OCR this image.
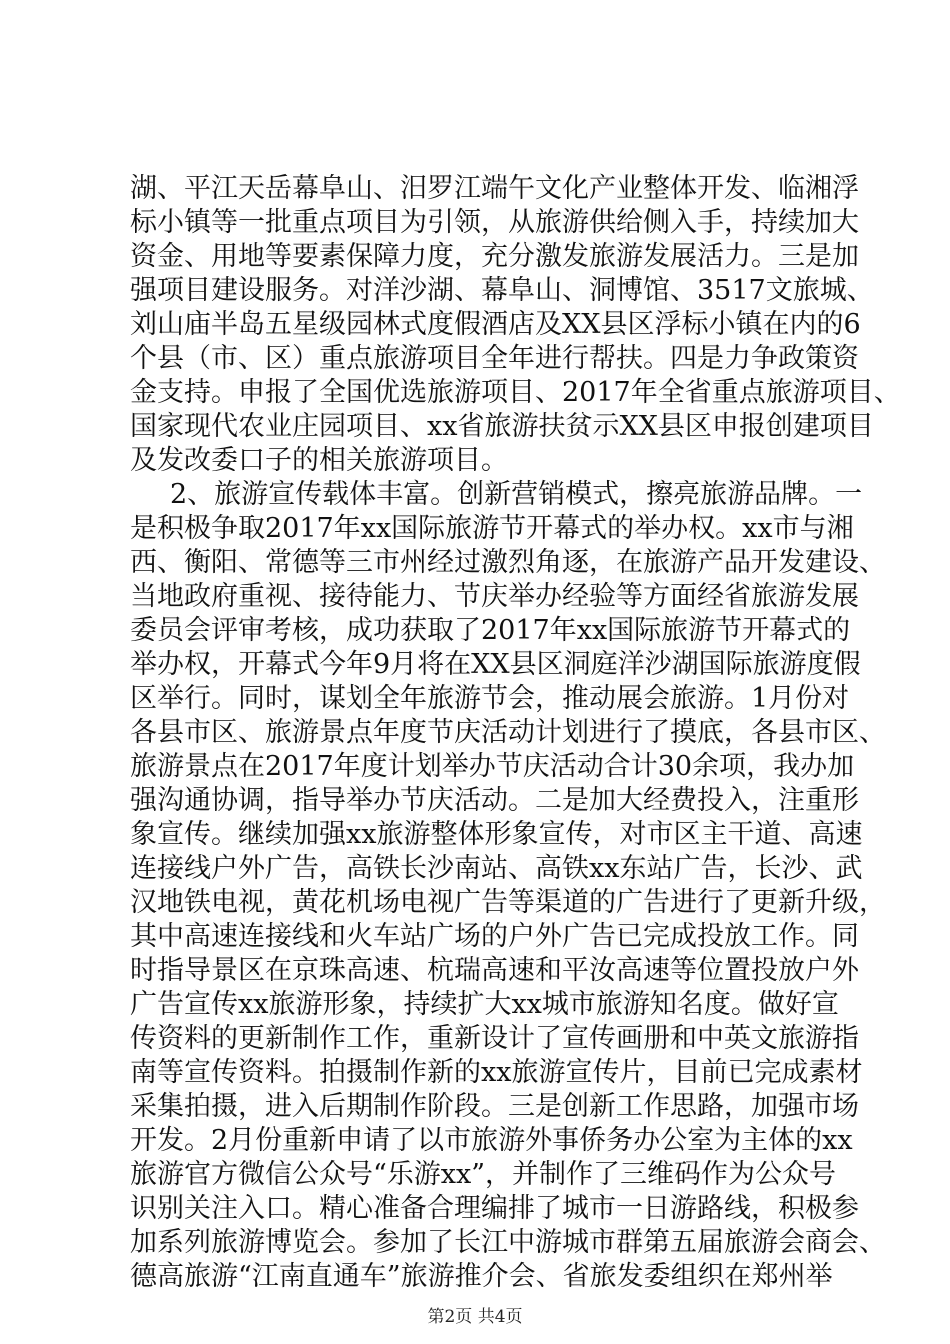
湖、平江天岳幕阜山、汨罗江端午文化产业整体开发、临湘浮
标小镇等一批重点项目为引领，从旅游供给侧入手，持续加大
资金、用地等要素保障力度，充分激发旅游发展活力。三是加
强项目建设服务。对洋沙湖、幕阜山、洞博馆、3517文旅城、
刘山庙半岛五星级园林式度假酒店及XX县区浮标小镇在内的6
个县（市、区）重点旅游项目全年进行帮扶。四是力争政策资
金支持。申报了全国优选旅游项目、2017年全省重点旅游项目、
国家现代农业庄园项目、xx省旅游扶贫示XX县区申报创建项目
及发改委口子的相关旅游项目。
2、旅游宣传载体丰富。创新营销模式，擦亮旅游品牌。一
是积极争取2017年xx国际旅游节开幕式的举办权。xx市与湘
西、衡阳、常德等三市州经过激烈角逐，在旅游产品开发建设、
当地政府重视、接待能力、节庆举办经验等方面经省旅游发展
委员会评审考核，成功获取了2017年xx国际旅游节开幕式的
举办权，开幕式今年9月将在XX县区洞庭洋沙湖国际旅游度假
区举行。同时，谋划全年旅游节会，推动展会旅游。1月份对
各县市区、旅游景点年度节庆活动计划进行了摸底，各县市区、
旅游景点在2017年度计划举办节庆活动合计30余项，我办加
强沟通协调，指导举办节庆活动。二是加大经费投入，注重形
象宣传。继续加强xx旅游整体形象宣传，对市区主干道、高速
连接线户外广告，高铁长沙南站、高铁xx东站广告，长沙、武
汉地铁电视，黄花机场电视广告等渠道的广告进行了更新升级，
其中高速连接线和火车站广场的户外广告已完成投放工作。同
时指导景区在京珠高速、杭瑞高速和平汝高速等位置投放户外
广告宣传xx旅游形象，持续扩大xx城市旅游知名度。做好宣
传资料的更新制作工作，重新设计了宣传画册和中英文旅游指
南等宣传资料。拍摄制作新的xx旅游宣传片，目前已完成素材
采集拍摄，进入后期制作阶段。三是创新工作思路，加强市场
开发。2月份重新申请了以市旅游外事侨务办公室为主体的xx
旅游官方微信公众号“乐游xx”，并制作了三维码作为公众号
识别关注入口。精心准备合理编排了城市一日游路线，积极参
加系列旅游博览会。参加了长江中游城市群第五届旅游会商会、
德高旅游“江南直通车”旅游推介会、省旅发委组织在郑州举
第2页 共4页
